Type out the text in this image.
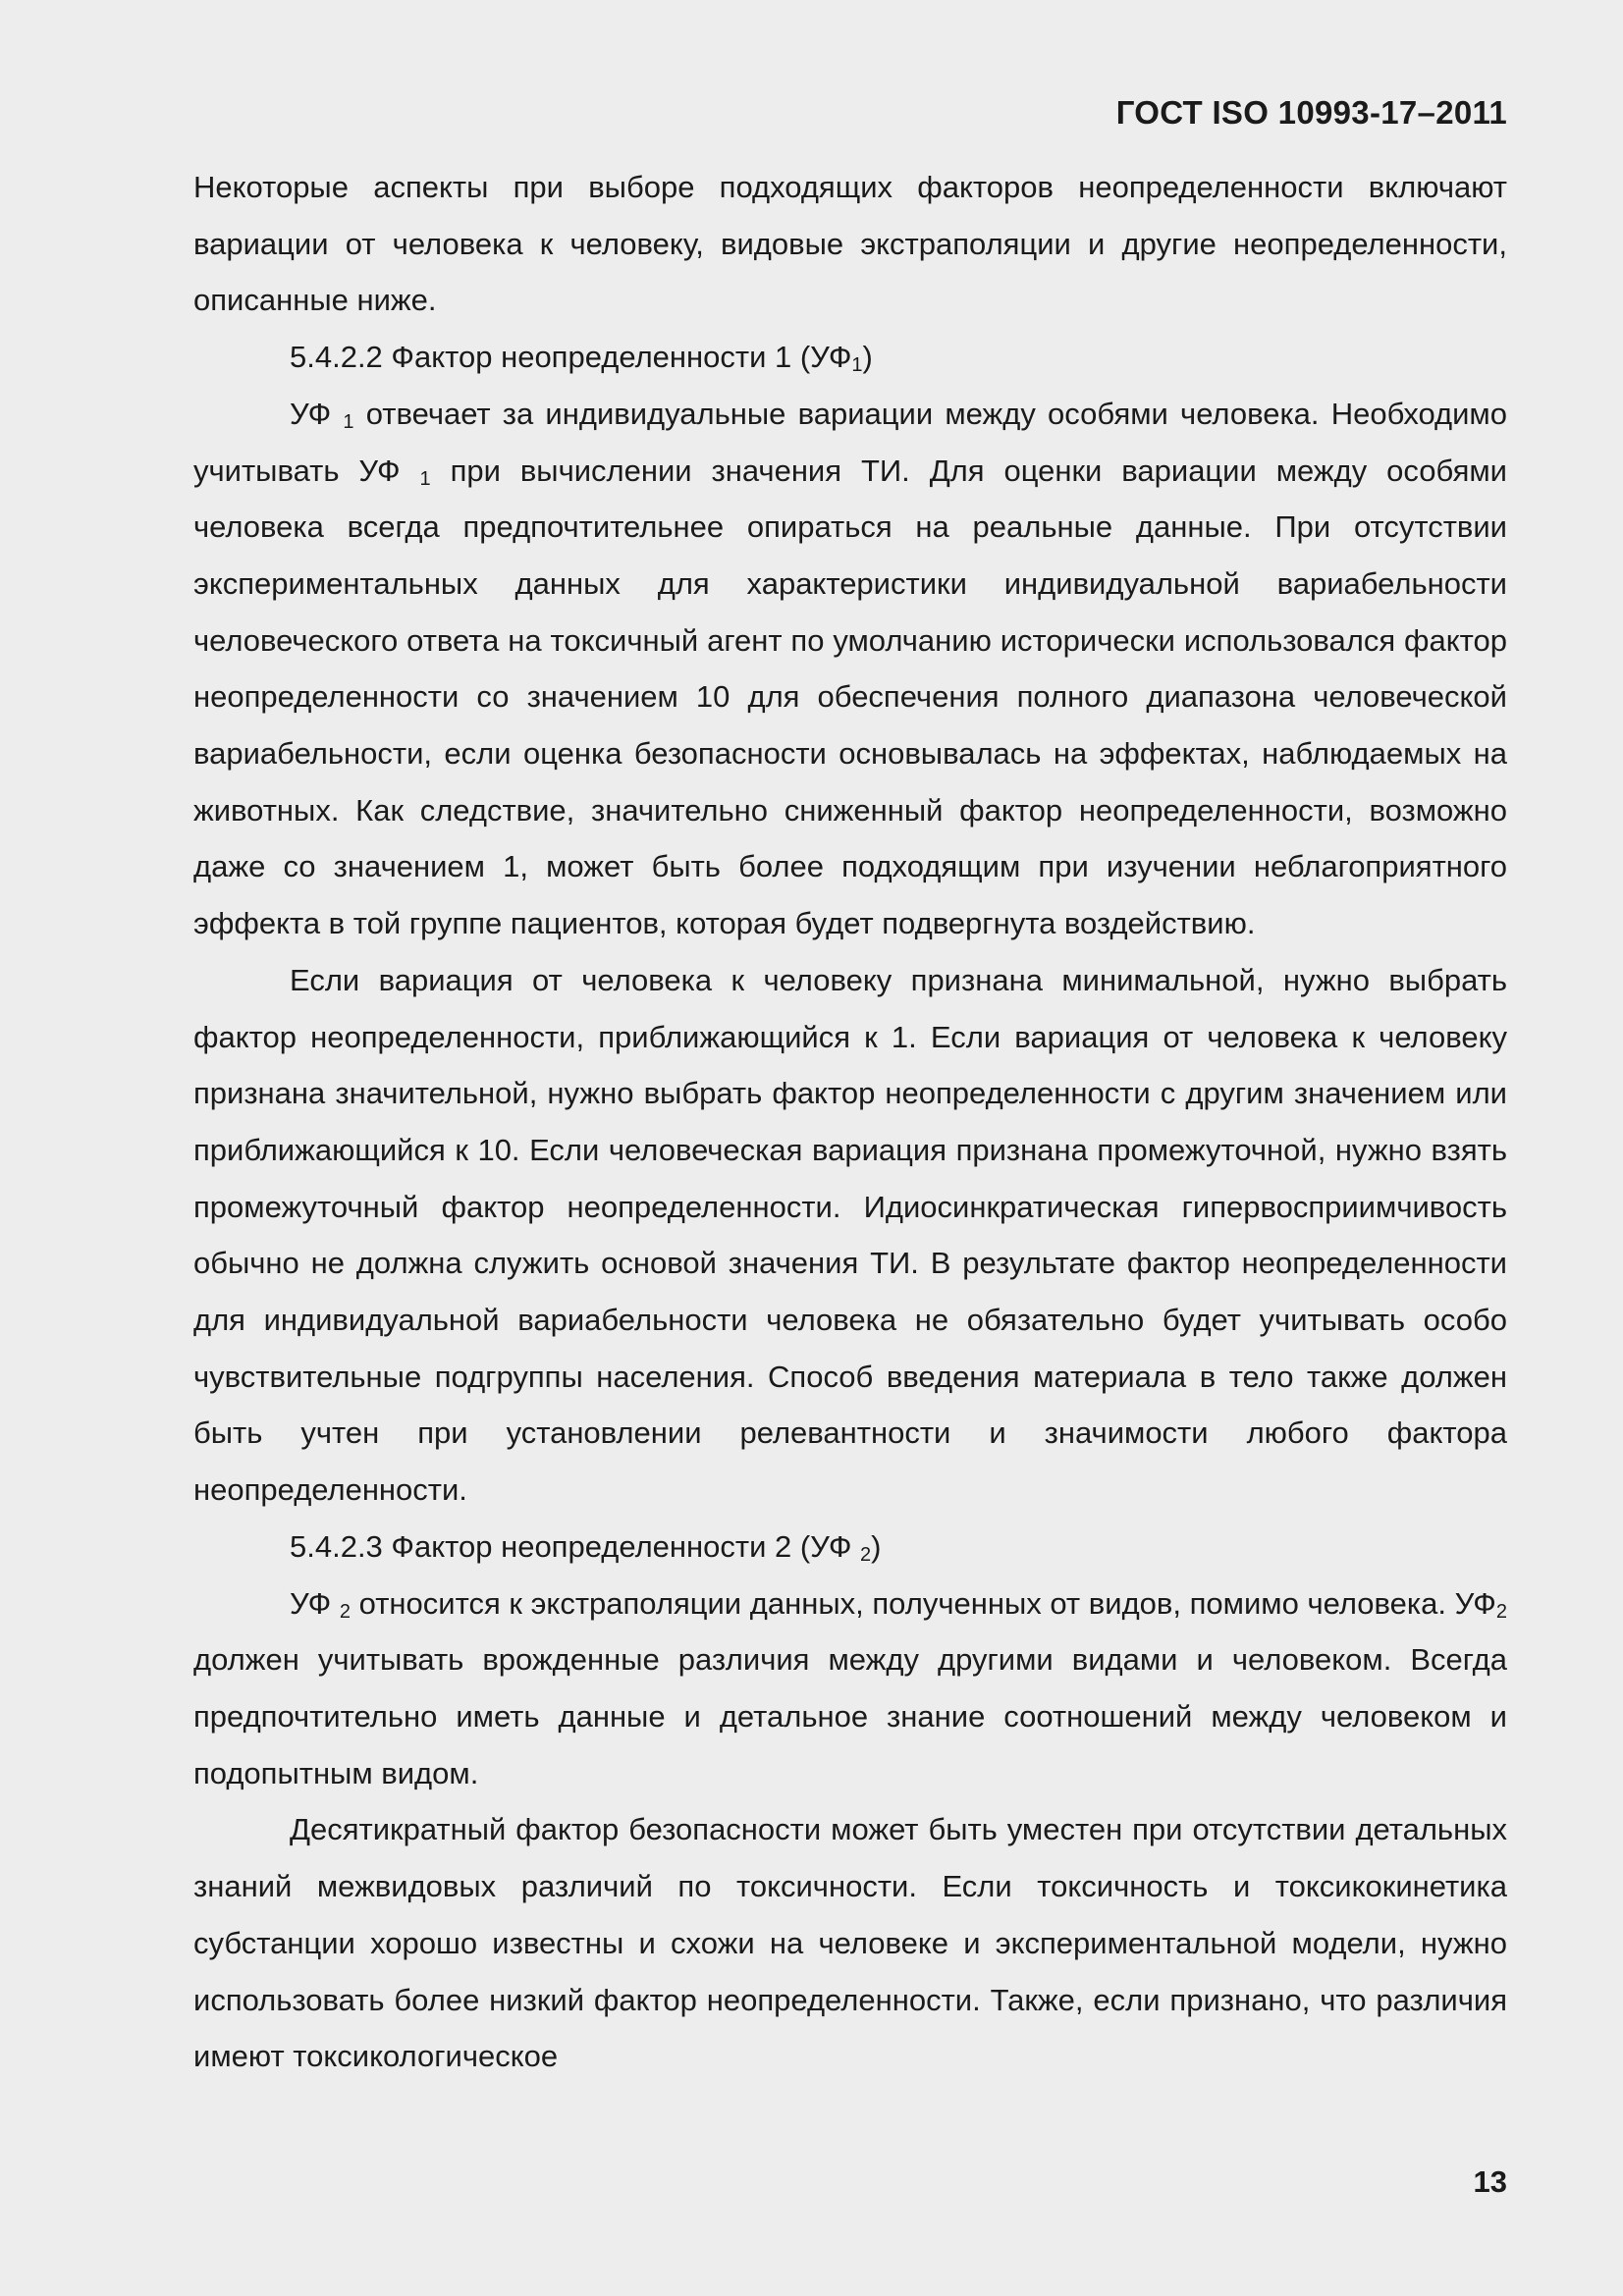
ГОСТ ISO 10993-17–2011

Некоторые аспекты при выборе подходящих факторов неопределенности включают вариации от человека к человеку, видовые экстраполяции и другие неопределенности, описанные ниже.

5.4.2.2 Фактор неопределенности 1 $(УФ_1)$

УФ $_1$ отвечает за индивидуальные вариации между особями человека. Необходимо учитывать УФ $_1$ при вычислении значения ТИ. Для оценки вариации между особями человека всегда предпочтительнее опираться на реальные данные. При отсутствии экспериментальных данных для характеристики индивидуальной вариабельности человеческого ответа на токсичный агент по умолчанию исторически использовался фактор неопределенности со значением 10 для обеспечения полного диапазона человеческой вариабельности, если оценка безопасности основывалась на эффектах, наблюдаемых на животных. Как следствие, значительно сниженный фактор неопределенности, возможно даже со значением 1, может быть более подходящим при изучении неблагоприятного эффекта в той группе пациентов, которая будет подвергнута воздействию.

Если вариация от человека к человеку признана минимальной, нужно выбрать фактор неопределенности, приближающийся к 1. Если вариация от человека к человеку признана значительной, нужно выбрать фактор неопределенности с другим значением или приближающийся к 10. Если человеческая вариация признана промежуточной, нужно взять промежуточный фактор неопределенности. Идиосинкратическая гипервосприимчивость обычно не должна служить основой значения ТИ. В результате фактор неопределенности для индивидуальной вариабельности человека не обязательно будет учитывать особо чувствительные подгруппы населения. Способ введения материала в тело также должен быть учтен при установлении релевантности и значимости любого фактора неопределенности.

5.4.2.3 Фактор неопределенности 2 (УФ $_2$)

УФ $_2$ относится к экстраполяции данных, полученных от видов, помимо человека. $УФ_2$ должен учитывать врожденные различия между другими видами и человеком. Всегда предпочтительно иметь данные и детальное знание соотношений между человеком и подопытным видом.

Десятикратный фактор безопасности может быть уместен при отсутствии детальных знаний межвидовых различий по токсичности. Если токсичность и токсикокинетика субстанции хорошо известны и схожи на человеке и экспериментальной модели, нужно использовать более низкий фактор неопределенности. Также, если признано, что различия имеют токсикологическое

13
